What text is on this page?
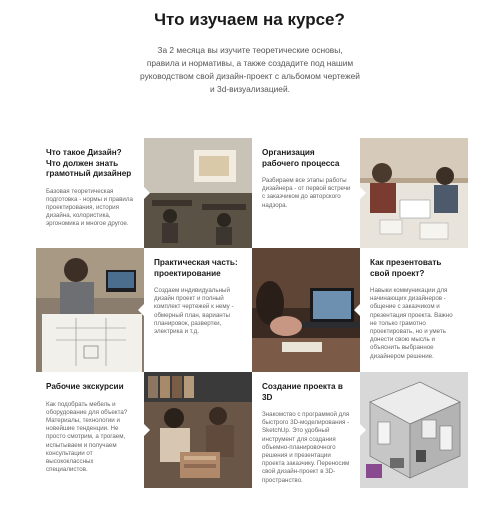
Что изучаем на курсе?

За 2 месяца вы изучите теоретические основы, правила и нормативы, а также создадите под нашим руководством свой дизайн-проект с альбомом чертежей и 3d-визуализацией.

Что такое Дизайн? Что должен знать грамотный дизайнер
Базовая теоретическая подготовка - нормы и правила проектирования, история дизайна, колористика, эргономика и многое другое.
Организация рабочего процесса
Разбираем все этапы работы дизайнера - от первой встречи с заказчиком до авторского надзора.
Практическая часть: проектирование
Создаем индивидуальный дизайн проект и полный комплект чертежей к нему - обмерный план, варианты планировок, развертки, электрика и т.д.
Как презентовать свой проект?
Навыки коммуникации для начинающих дизайнеров - общение с заказчиком и презентация проекта. Важно не только грамотно проектировать, но и уметь донести свою мысль и объяснить выбранное дизайнером решение.
Рабочие экскурсии
Как подобрать мебель и оборудование для объекта? Материалы, технологии и новейшие тенденции. Не просто смотрим, а трогаем, испытываем и получаем консультации от высококлассных специалистов.
Создание проекта в 3D
Знакомство с программой для быстрого 3D-моделирования - SketchUp. Это удобный инструмент для создания объемно-планировочного решения и презентации проекта заказчику. Переносим свой дизайн-проект в 3D-пространство.
